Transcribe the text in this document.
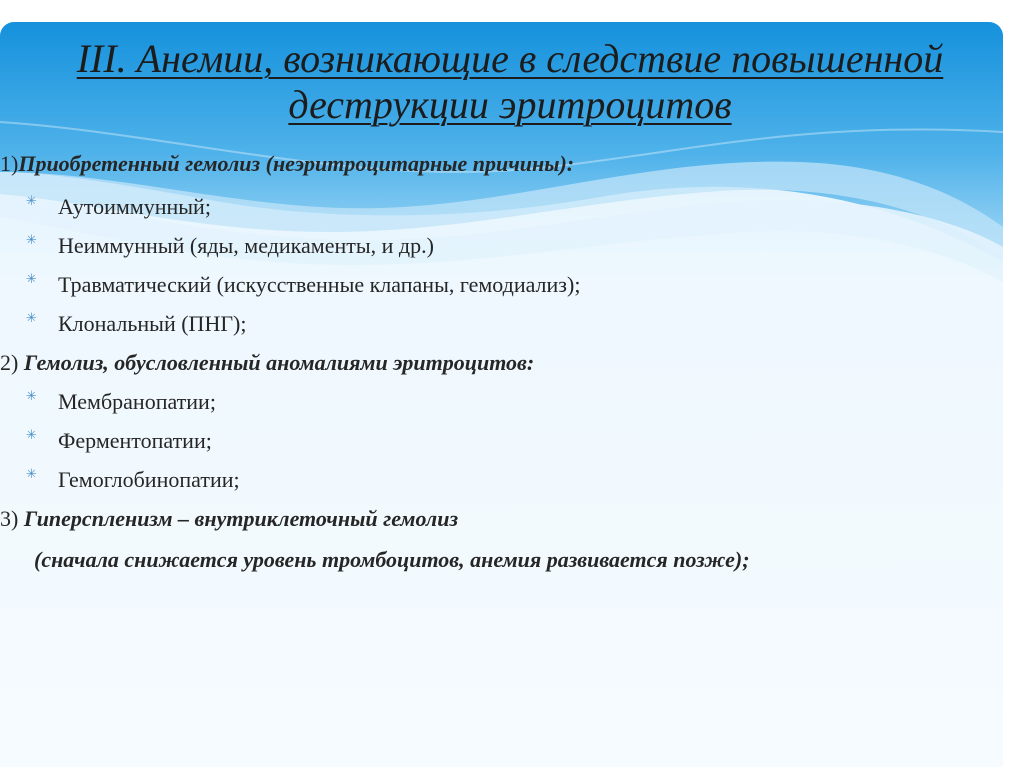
III. Анемии, возникающие в следствие повышенной деструкции эритроцитов
1)Приобретенный гемолиз (неэритроцитарные причины):
✳ Аутоиммунный;
✳ Неиммунный (яды, медикаменты, и др.)
✳ Травматический (искусственные клапаны, гемодиализ);
✳ Клональный (ПНГ);
2) Гемолиз, обусловленный аномалиями эритроцитов:
✳ Мембранопатии;
✳ Ферментопатии;
✳ Гемоглобинопатии;
3) Гиперспленизм – внутриклеточный гемолиз
(сначала снижается уровень тромбоцитов, анемия развивается позже);
